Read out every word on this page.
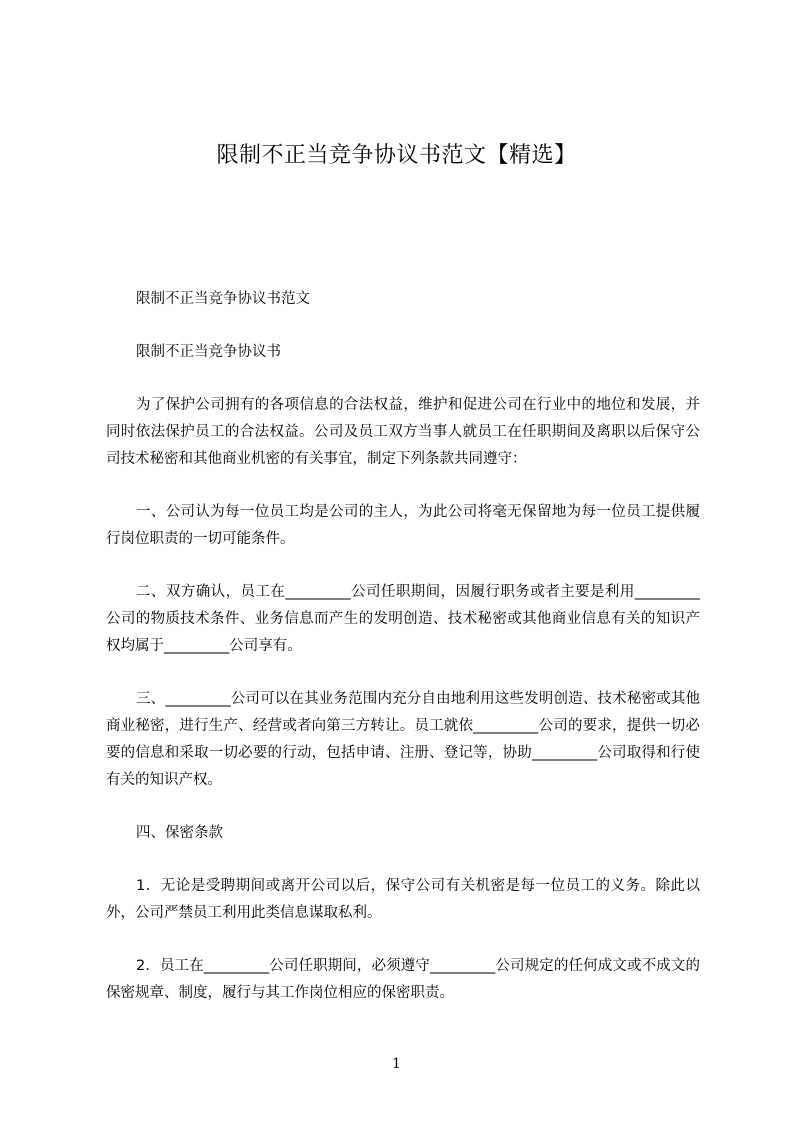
限制不正当竞争协议书范文【精选】

限制不正当竞争协议书范文

限制不正当竞争协议书

为了保护公司拥有的各项信息的合法权益，维护和促进公司在行业中的地位和发展，并同时依法保护员工的合法权益。公司及员工双方当事人就员工在任职期间及离职以后保守公司技术秘密和其他商业机密的有关事宜，制定下列条款共同遵守：

一、公司认为每一位员工均是公司的主人，为此公司将毫无保留地为每一位员工提供履行岗位职责的一切可能条件。

二、双方确认，员工在_________公司任职期间，因履行职务或者主要是利用_________公司的物质技术条件、业务信息而产生的发明创造、技术秘密或其他商业信息有关的知识产权均属于_________公司享有。

三、_________公司可以在其业务范围内充分自由地利用这些发明创造、技术秘密或其他商业秘密，进行生产、经营或者向第三方转让。员工就依_________公司的要求，提供一切必要的信息和采取一切必要的行动，包括申请、注册、登记等，协助_________公司取得和行使有关的知识产权。

四、保密条款

1．无论是受聘期间或离开公司以后，保守公司有关机密是每一位员工的义务。除此以外，公司严禁员工利用此类信息谋取私利。

2．员工在_________公司任职期间，必须遵守_________公司规定的任何成文或不成文的保密规章、制度，履行与其工作岗位相应的保密职责。

1
